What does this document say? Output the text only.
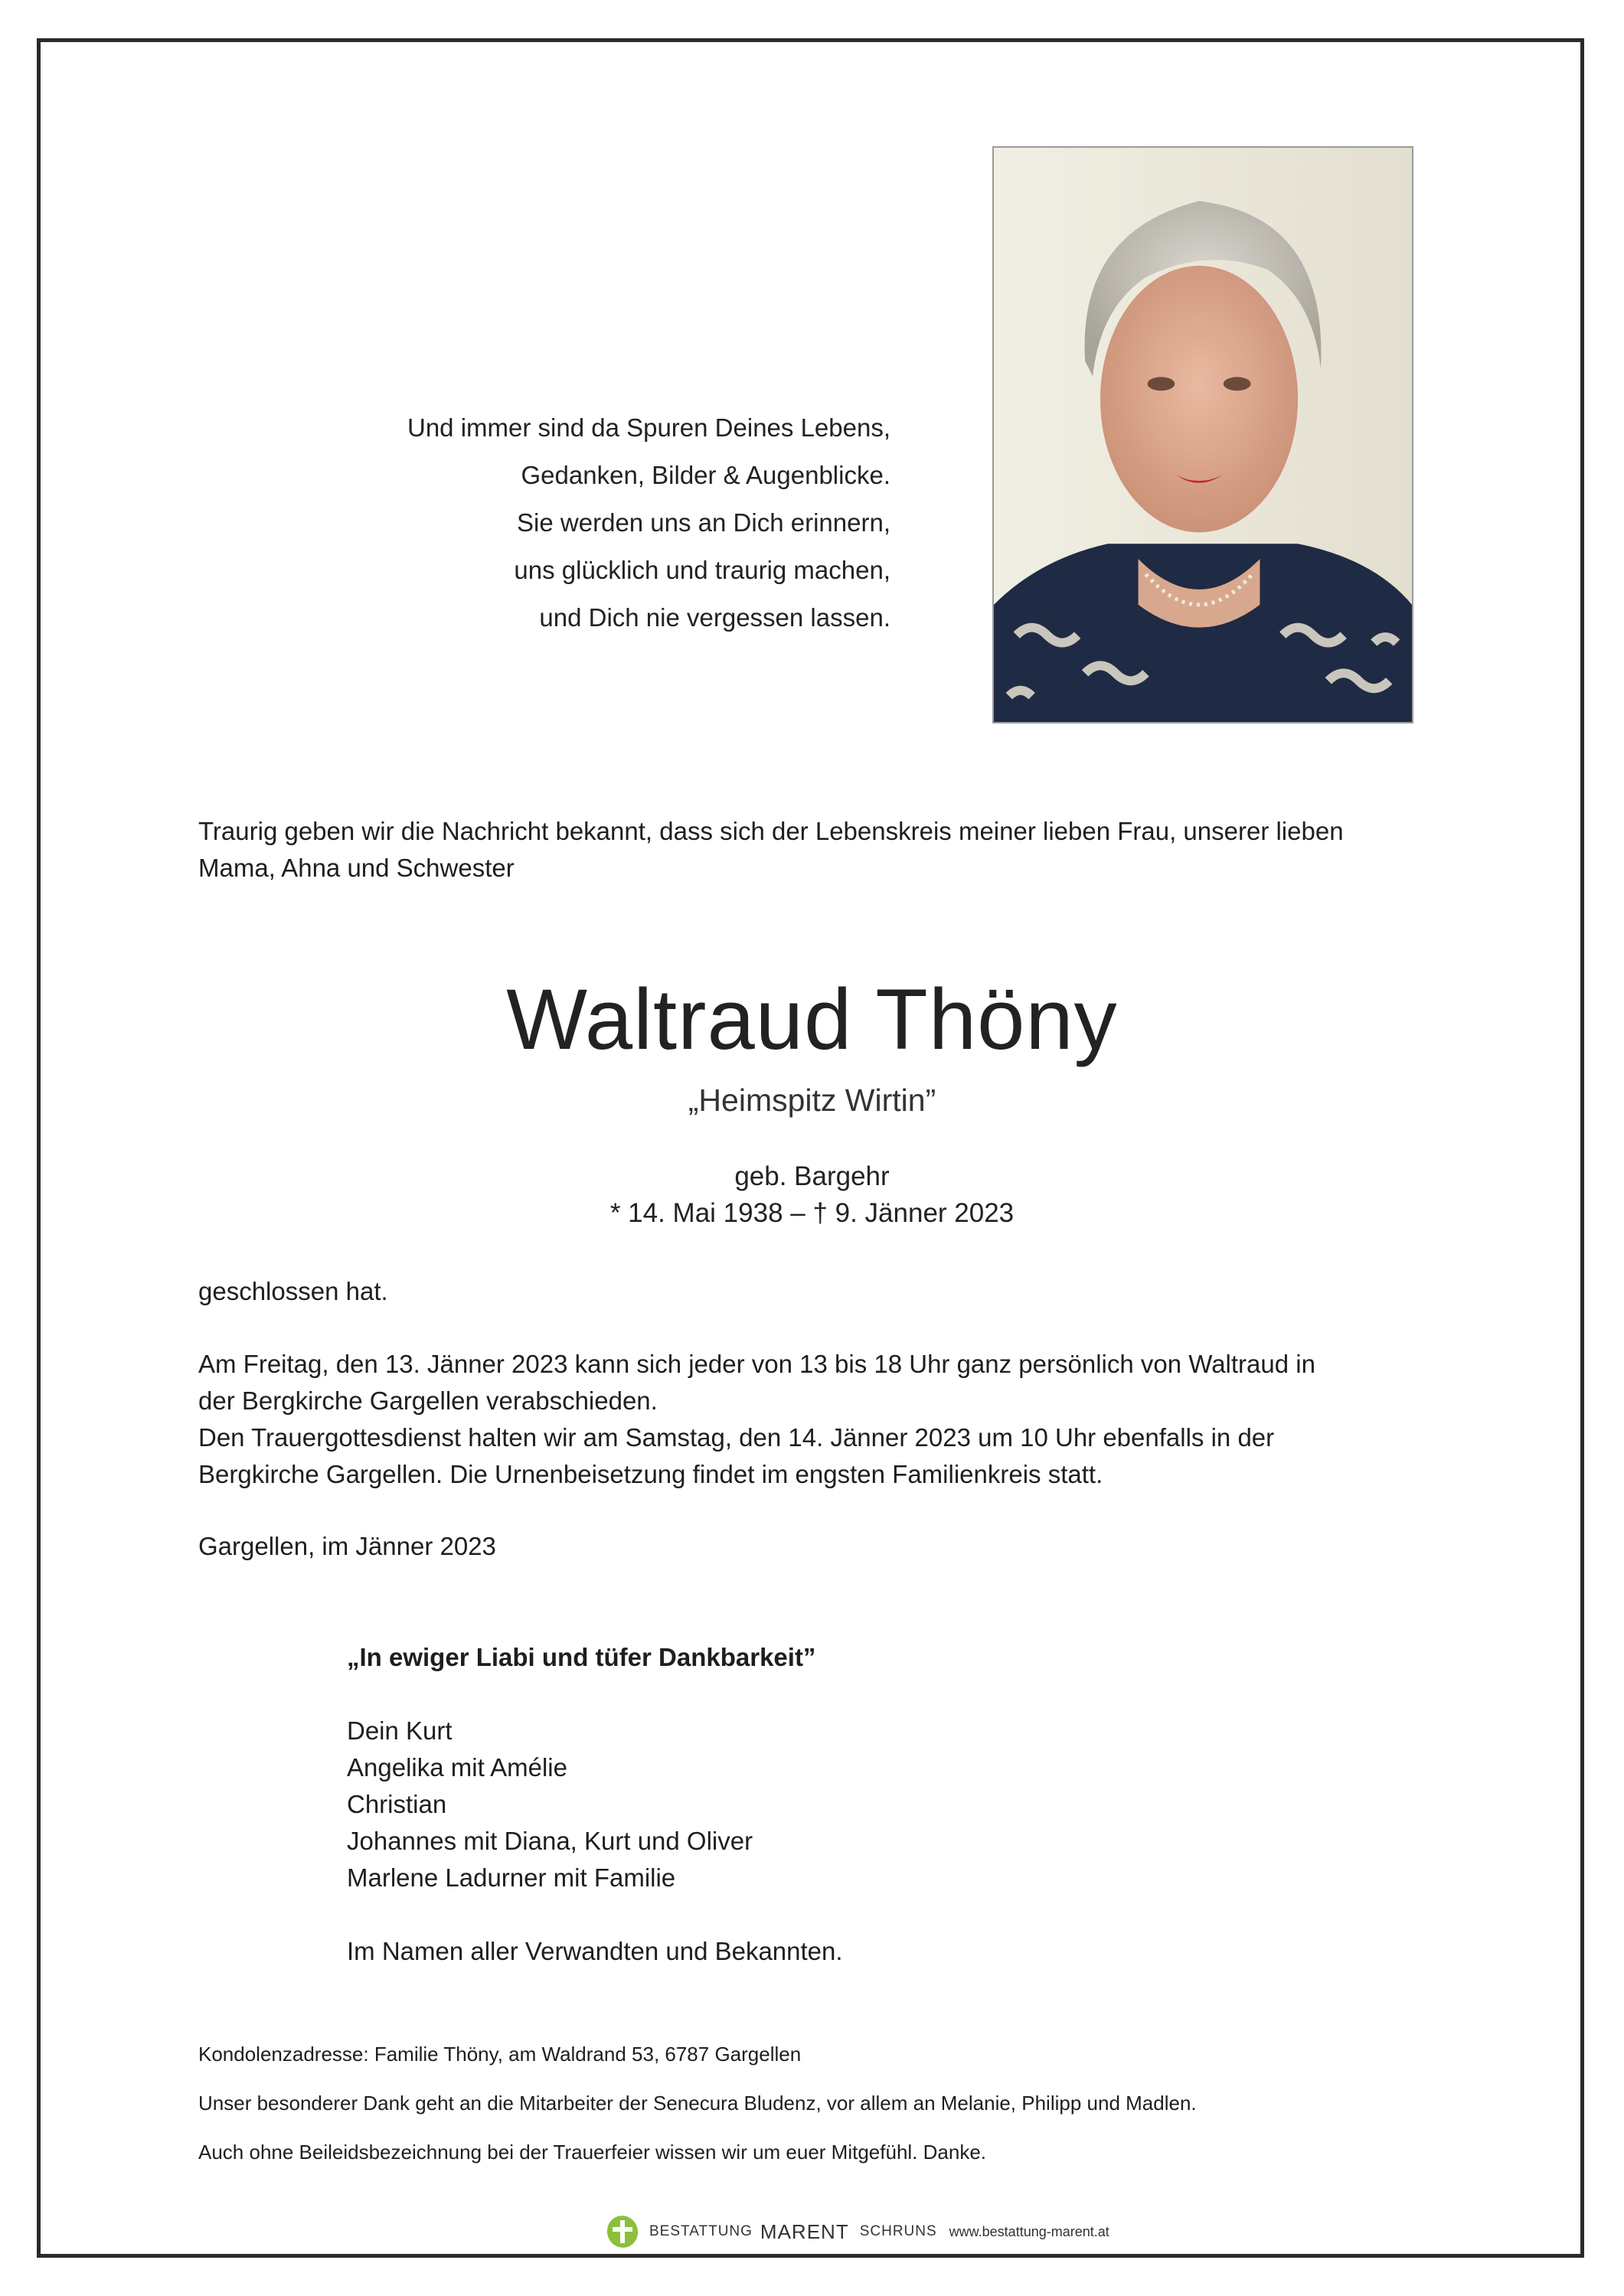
Und immer sind da Spuren Deines Lebens,
Gedanken, Bilder & Augenblicke.
Sie werden uns an Dich erinnern,
uns glücklich und traurig machen,
und Dich nie vergessen lassen.
Traurig geben wir die Nachricht bekannt, dass sich der Lebenskreis meiner lieben Frau, unserer lieben Mama, Ahna und Schwester
Waltraud Thöny
„Heimspitz Wirtin”
geb. Bargehr
* 14. Mai 1938 – † 9. Jänner 2023
geschlossen hat.
Am Freitag, den 13. Jänner 2023 kann sich jeder von 13 bis 18 Uhr ganz persönlich von Waltraud in
der Bergkirche Gargellen verabschieden.
Den Trauergottesdienst halten wir am Samstag, den 14. Jänner 2023 um 10 Uhr ebenfalls in der
Bergkirche Gargellen. Die Urnenbeisetzung findet im engsten Familienkreis statt.
Gargellen, im Jänner 2023
„In ewiger Liabi und tüfer Dankbarkeit”
Dein Kurt
Angelika mit Amélie
Christian
Johannes mit Diana, Kurt und Oliver
Marlene Ladurner mit Familie
Im Namen aller Verwandten und Bekannten.
Kondolenzadresse: Familie Thöny, am Waldrand 53, 6787 Gargellen
Unser besonderer Dank geht an die Mitarbeiter der Senecura Bludenz, vor allem an Melanie, Philipp und Madlen.
Auch ohne Beileidsbezeichnung bei der Trauerfeier wissen wir um euer Mitgefühl. Danke.
BESTATTUNG MARENT SCHRUNS www.bestattung-marent.at
